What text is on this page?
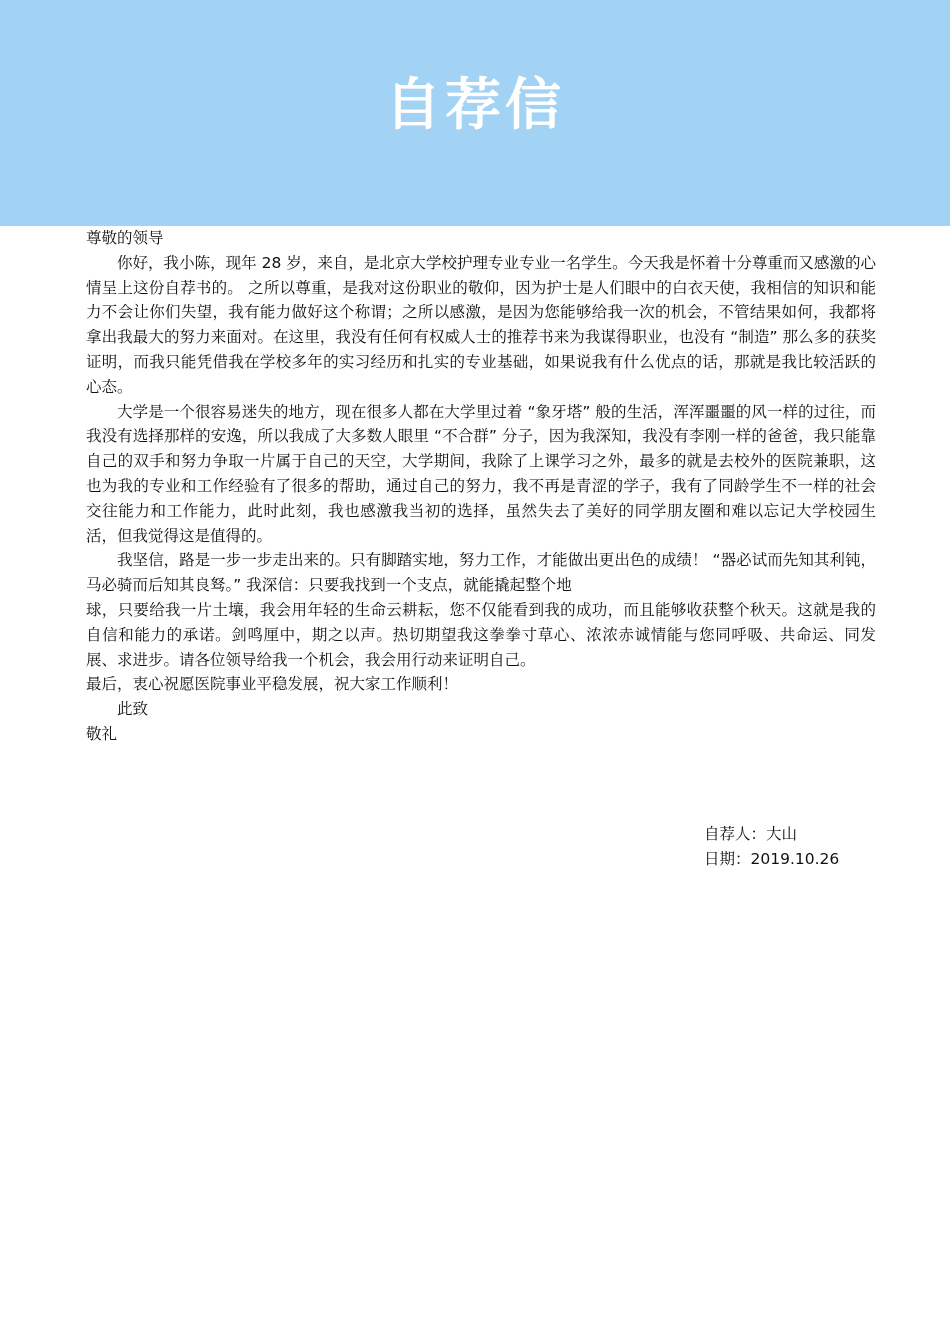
自荐信

尊敬的领导

你好，我小陈，现年 28 岁，来自，是北京大学校护理专业专业一名学生。今天我是怀着十分尊重而又感激的心情呈上这份自荐书的。 之所以尊重，是我对这份职业的敬仰，因为护士是人们眼中的白衣天使，我相信的知识和能力不会让你们失望，我有能力做好这个称谓；之所以感激，是因为您能够给我一次的机会，不管结果如何，我都将拿出我最大的努力来面对。在这里，我没有任何有权威人士的推荐书来为我谋得职业，也没有 “制造” 那么多的获奖证明，而我只能凭借我在学校多年的实习经历和扎实的专业基础，如果说我有什么优点的话，那就是我比较活跃的心态。

大学是一个很容易迷失的地方，现在很多人都在大学里过着 “象牙塔” 般的生活，浑浑噩噩的风一样的过往，而我没有选择那样的安逸，所以我成了大多数人眼里 “不合群” 分子，因为我深知，我没有李刚一样的爸爸，我只能靠自己的双手和努力争取一片属于自己的天空，大学期间，我除了上课学习之外，最多的就是去校外的医院兼职，这也为我的专业和工作经验有了很多的帮助，通过自己的努力，我不再是青涩的学子，我有了同龄学生不一样的社会交往能力和工作能力，此时此刻，我也感激我当初的选择，虽然失去了美好的同学朋友圈和难以忘记大学校园生活，但我觉得这是值得的。

我坚信，路是一步一步走出来的。只有脚踏实地，努力工作，才能做出更出色的成绩！ “器必试而先知其利钝，马必骑而后知其良驽。” 我深信：只要我找到一个支点，就能撬起整个地

球，只要给我一片土壤，我会用年轻的生命云耕耘，您不仅能看到我的成功，而且能够收获整个秋天。这就是我的自信和能力的承诺。剑鸣厘中，期之以声。热切期望我这拳拳寸草心、浓浓赤诚情能与您同呼吸、共命运、同发展、求进步。请各位领导给我一个机会，我会用行动来证明自己。

最后，衷心祝愿医院事业平稳发展，祝大家工作顺利！

此致

敬礼

自荐人：大山

日期：2019.10.26
